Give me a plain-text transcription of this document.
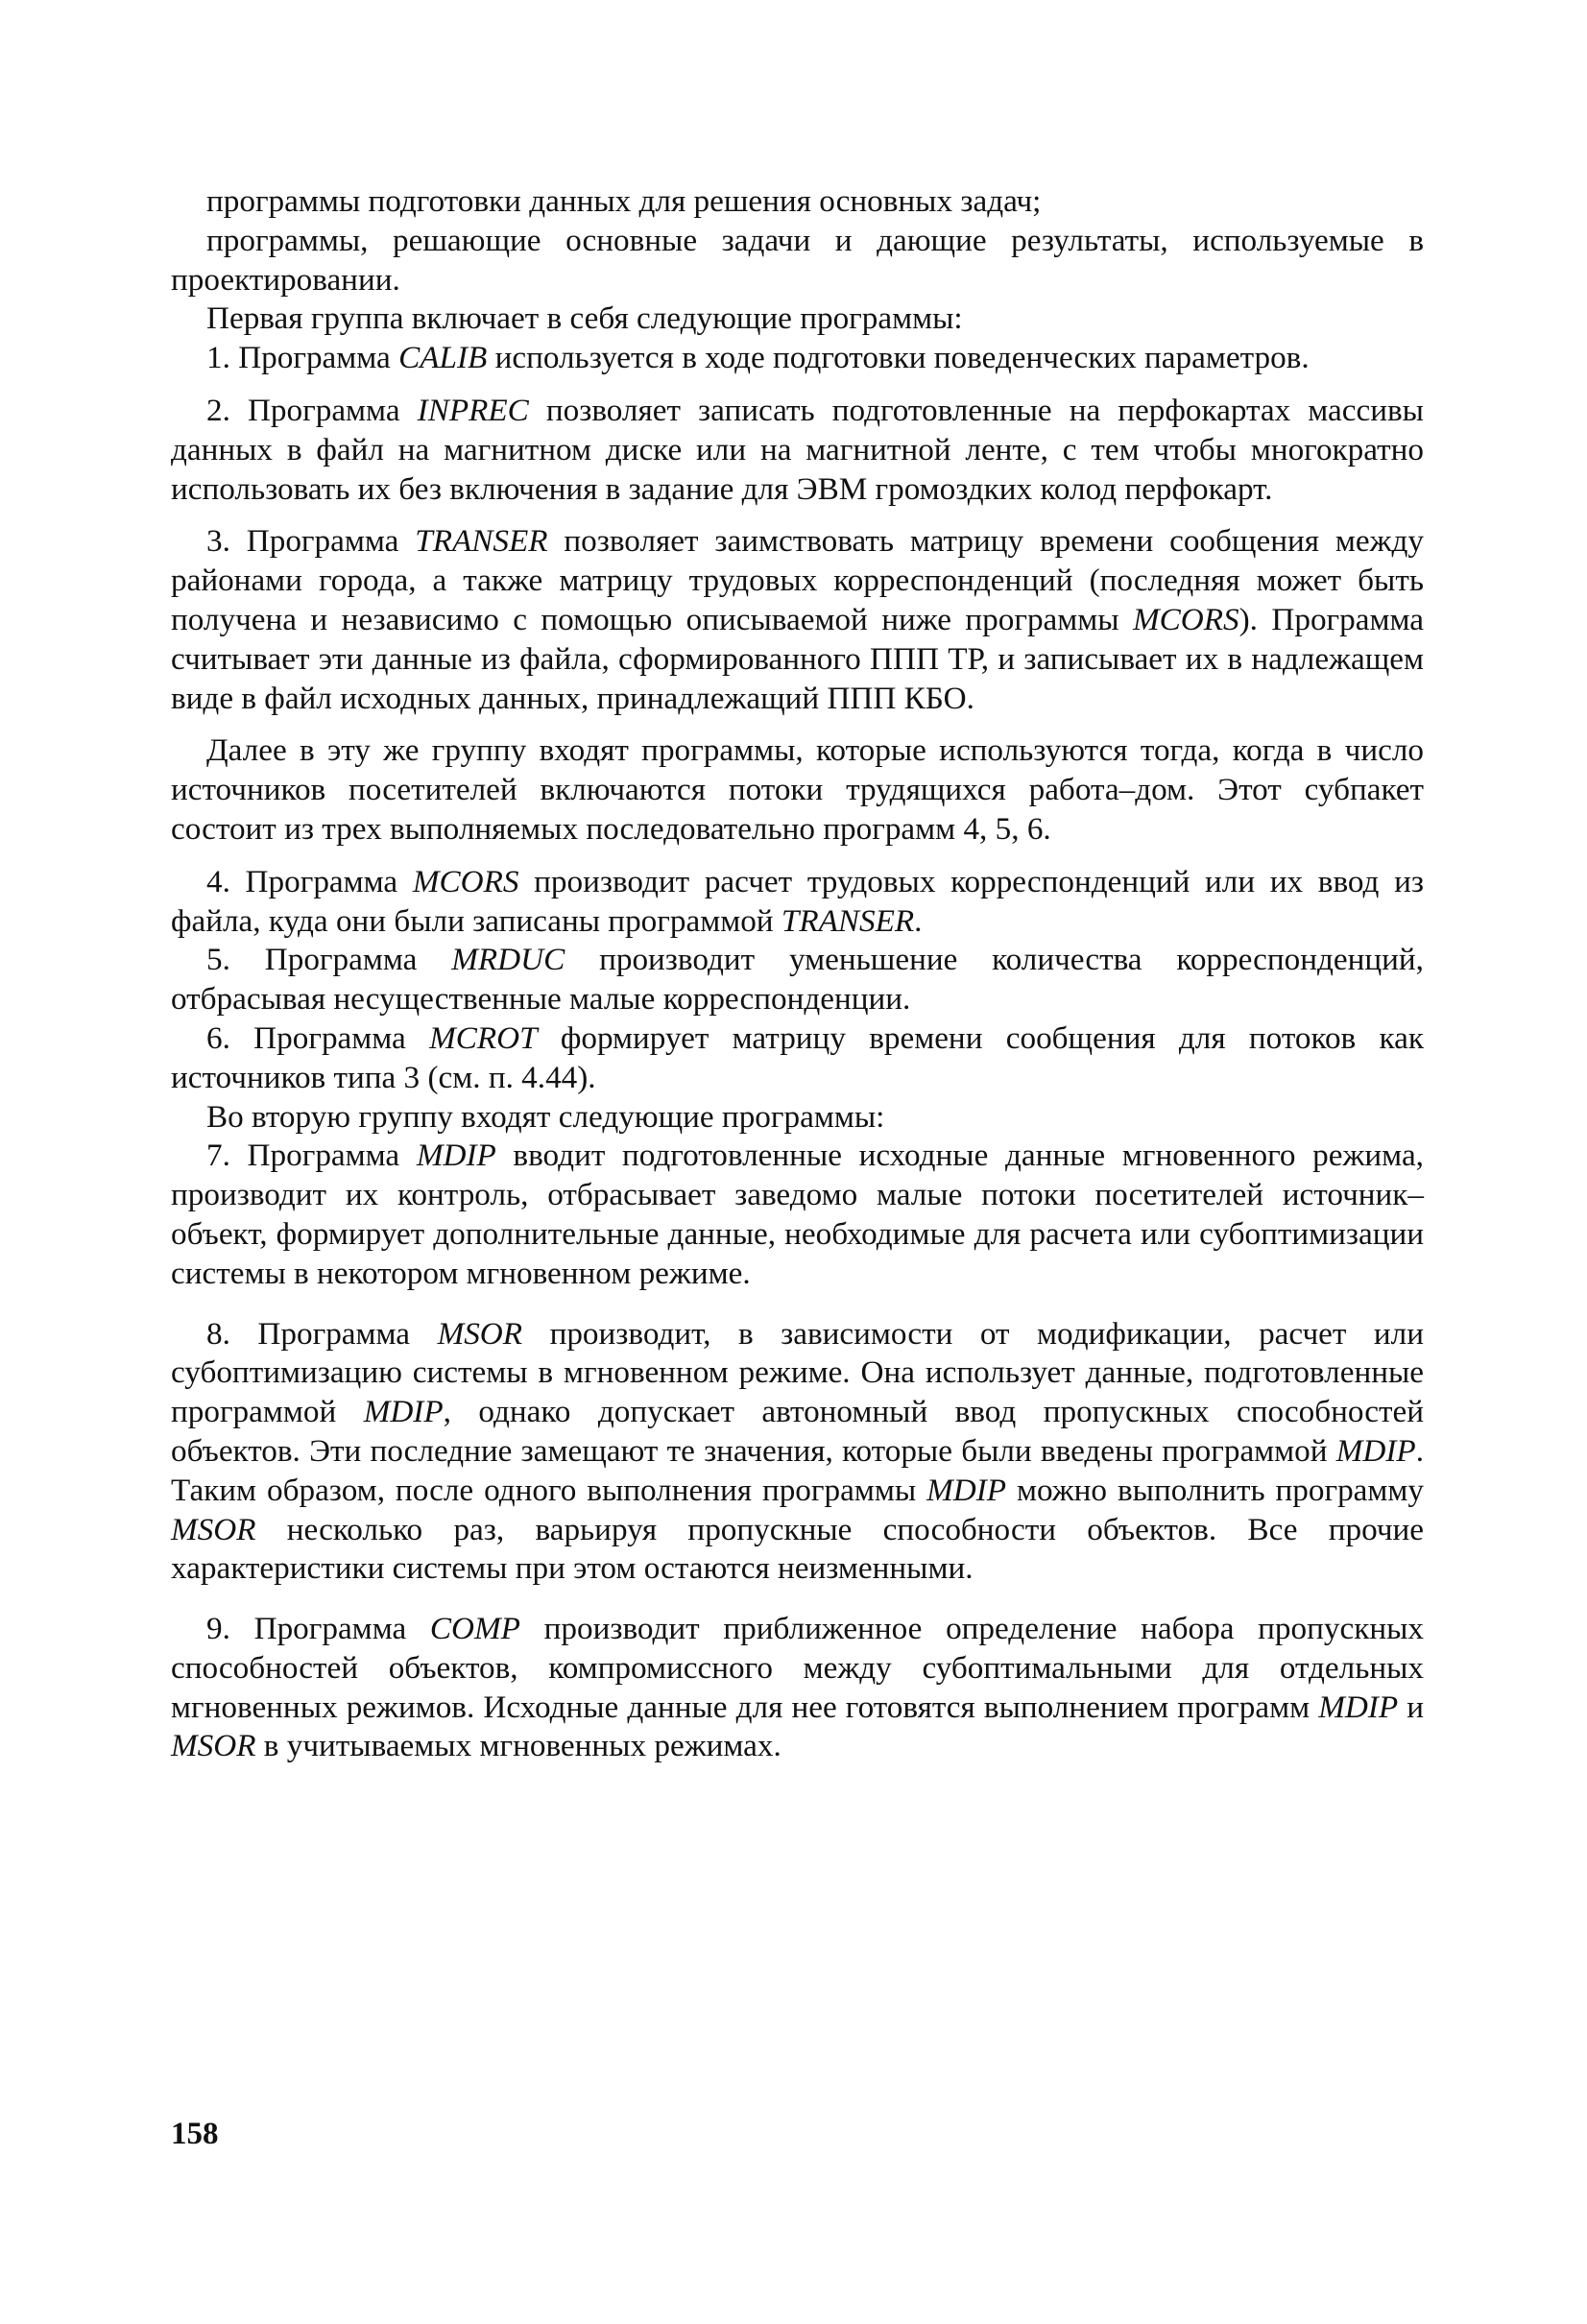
программы подготовки данных для решения основных задач;

программы, решающие основные задачи и дающие результаты, используемые в проектировании.

Первая группа включает в себя следующие программы:

1. Программа CALIB используется в ходе подготовки поведенческих параметров.

2. Программа INPREC позволяет записать подготовленные на перфокартах массивы данных в файл на магнитном диске или на магнитной ленте, с тем чтобы многократно использовать их без включения в задание для ЭВМ громоздких колод перфокарт.

3. Программа TRANSER позволяет заимствовать матрицу времени сообщения между районами города, а также матрицу трудовых корреспонденций (последняя может быть получена и независимо с помощью описываемой ниже программы MCORS). Программа считывает эти данные из файла, сформированного ППП ТР, и записывает их в надлежащем виде в файл исходных данных, принадлежащий ППП КБО.

Далее в эту же группу входят программы, которые используются тогда, когда в число источников посетителей включаются потоки трудящихся работа–дом. Этот субпакет состоит из трех выполняемых последовательно программ 4, 5, 6.

4. Программа MCORS производит расчет трудовых корреспонденций или их ввод из файла, куда они были записаны программой TRANSER.

5. Программа MRDUC производит уменьшение количества корреспонденций, отбрасывая несущественные малые корреспонденции.

6. Программа MCROT формирует матрицу времени сообщения для потоков как источников типа 3 (см. п. 4.44).

Во вторую группу входят следующие программы:

7. Программа MDIP вводит подготовленные исходные данные мгновенного режима, производит их контроль, отбрасывает заведомо малые потоки посетителей источник–объект, формирует дополнительные данные, необходимые для расчета или субоптимизации системы в некотором мгновенном режиме.

8. Программа MSOR производит, в зависимости от модификации, расчет или субоптимизацию системы в мгновенном режиме. Она использует данные, подготовленные программой MDIP, однако допускает автономный ввод пропускных способностей объектов. Эти последние замещают те значения, которые были введены программой MDIP. Таким образом, после одного выполнения программы MDIP можно выполнить программу MSOR несколько раз, варьируя пропускные способности объектов. Все прочие характеристики системы при этом остаются неизменными.

9. Программа COMP производит приближенное определение набора пропускных способностей объектов, компромиссного между субоптимальными для отдельных мгновенных режимов. Исходные данные для нее готовятся выполнением программ MDIP и MSOR в учитываемых мгновенных режимах.

158
